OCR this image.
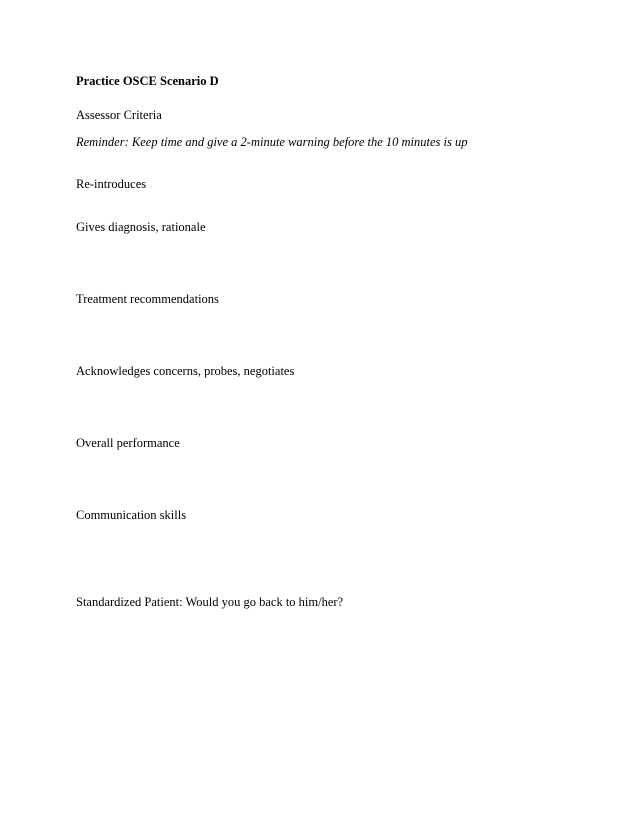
Practice OSCE Scenario D
Assessor Criteria
Reminder: Keep time and give a 2-minute warning before the 10 minutes is up
Re-introduces
Gives diagnosis, rationale
Treatment recommendations
Acknowledges concerns, probes, negotiates
Overall performance
Communication skills
Standardized Patient: Would you go back to him/her?
